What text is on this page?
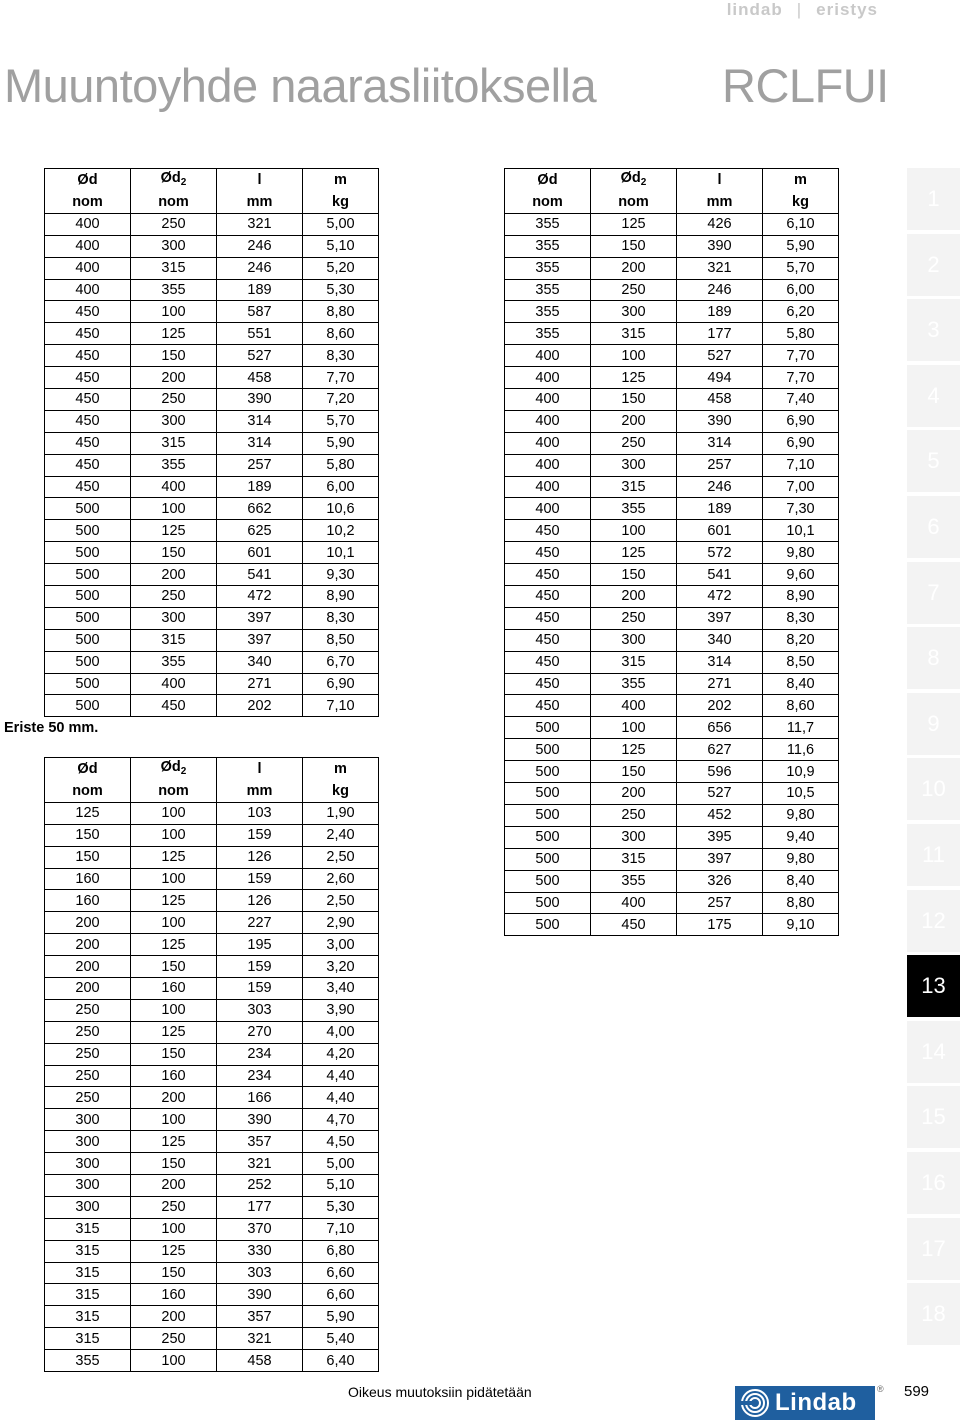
lindab | eristys
Muuntoyhde naarasliitoksella	RCLFUI
Ød	$Ød_2$	l	m
nom	nom	mm	kg
400	250	321	5,00
400	300	246	5,10
400	315	246	5,20
400	355	189	5,30
450	100	587	8,80
450	125	551	8,60
450	150	527	8,30
450	200	458	7,70
450	250	390	7,20
450	300	314	5,70
450	315	314	5,90
450	355	257	5,80
450	400	189	6,00
500	100	662	10,6
500	125	625	10,2
500	150	601	10,1
500	200	541	9,30
500	250	472	8,90
500	300	397	8,30
500	315	397	8,50
500	355	340	6,70
500	400	271	6,90
500	450	202	7,10
Eriste 50 mm.
Ød	$Ød_2$	l	m
nom	nom	mm	kg
125	100	103	1,90
150	100	159	2,40
150	125	126	2,50
160	100	159	2,60
160	125	126	2,50
200	100	227	2,90
200	125	195	3,00
200	150	159	3,20
200	160	159	3,40
250	100	303	3,90
250	125	270	4,00
250	150	234	4,20
250	160	234	4,40
250	200	166	4,40
300	100	390	4,70
300	125	357	4,50
300	150	321	5,00
300	200	252	5,10
300	250	177	5,30
315	100	370	7,10
315	125	330	6,80
315	150	303	6,60
315	160	390	6,60
315	200	357	5,90
315	250	321	5,40
355	100	458	6,40
Ød	$Ød_2$	l	m
nom	nom	mm	kg
355	125	426	6,10
355	150	390	5,90
355	200	321	5,70
355	250	246	6,00
355	300	189	6,20
355	315	177	5,80
400	100	527	7,70
400	125	494	7,70
400	150	458	7,40
400	200	390	6,90
400	250	314	6,90
400	300	257	7,10
400	315	246	7,00
400	355	189	7,30
450	100	601	10,1
450	125	572	9,80
450	150	541	9,60
450	200	472	8,90
450	250	397	8,30
450	300	340	8,20
450	315	314	8,50
450	355	271	8,40
450	400	202	8,60
500	100	656	11,7
500	125	627	11,6
500	150	596	10,9
500	200	527	10,5
500	250	452	9,80
500	300	395	9,40
500	315	397	9,80
500	355	326	8,40
500	400	257	8,80
500	450	175	9,10
1
2
3
4
5
6
7
8
9
10
11
12
13
14
15
16
17
18
Oikeus muutoksiin pidätetään	Lindab ® 599
